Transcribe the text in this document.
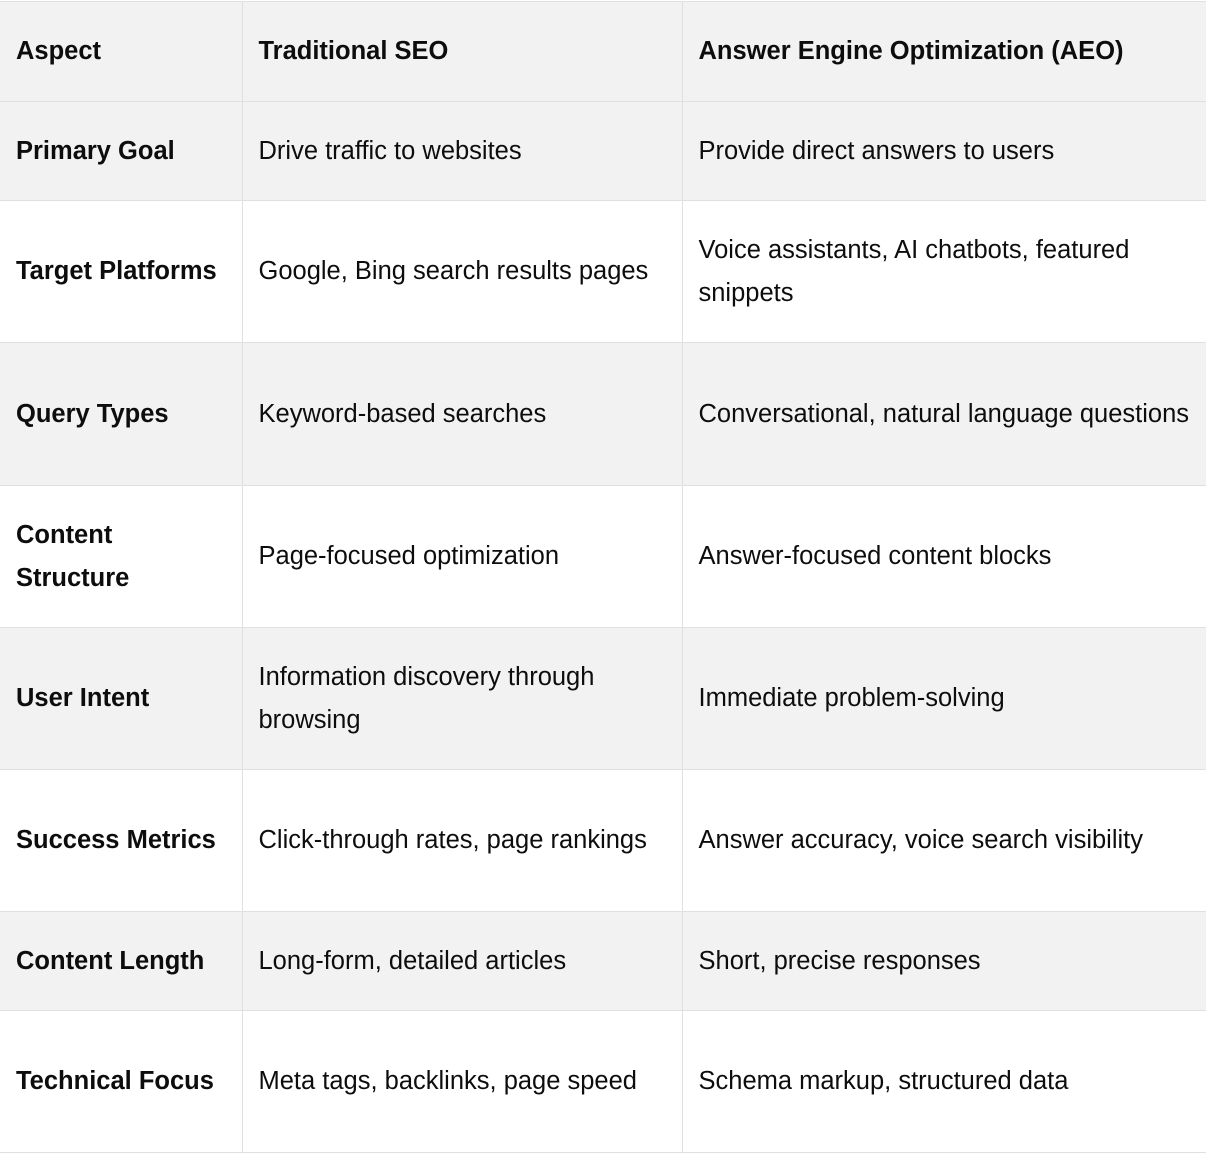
Aspect	Traditional SEO	Answer Engine Optimization (AEO)
Primary Goal	Drive traffic to websites	Provide direct answers to users
Target Platforms	Google, Bing search results pages	Voice assistants, AI chatbots, featured snippets
Query Types	Keyword-based searches	Conversational, natural language questions
Content Structure	Page-focused optimization	Answer-focused content blocks
User Intent	Information discovery through browsing	Immediate problem-solving
Success Metrics	Click-through rates, page rankings	Answer accuracy, voice search visibility
Content Length	Long-form, detailed articles	Short, precise responses
Technical Focus	Meta tags, backlinks, page speed	Schema markup, structured data
